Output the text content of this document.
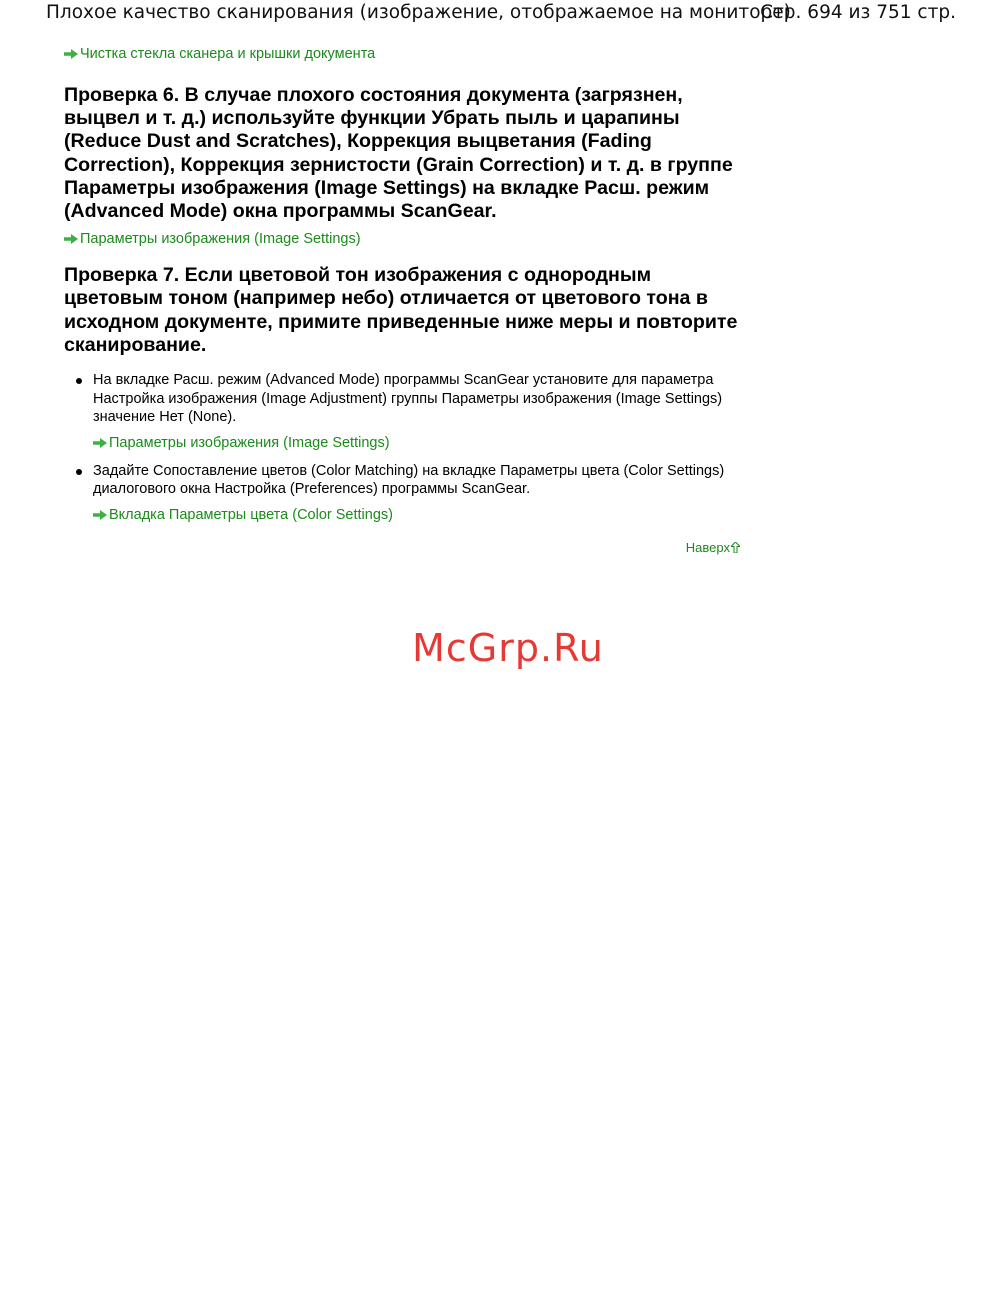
Плохое качество сканирования (изображение, отображаемое на мониторе)
Стр. 694 из 751 стр.
Чистка стекла сканера и крышки документа

Проверка 6. В случае плохого состояния документа (загрязнен, выцвел и т. д.) используйте функции Убрать пыль и царапины (Reduce Dust and Scratches), Коррекция выцветания (Fading Correction), Коррекция зернистости (Grain Correction) и т. д. в группе Параметры изображения (Image Settings) на вкладке Расш. режим (Advanced Mode) окна программы ScanGear.

Параметры изображения (Image Settings)

Проверка 7. Если цветовой тон изображения с однородным цветовым тоном (например небо) отличается от цветового тона в исходном документе, примите приведенные ниже меры и повторите сканирование.

На вкладке Расш. режим (Advanced Mode) программы ScanGear установите для параметра Настройка изображения (Image Adjustment) группы Параметры изображения (Image Settings) значение Нет (None).
Параметры изображения (Image Settings)
Задайте Сопоставление цветов (Color Matching) на вкладке Параметры цвета (Color Settings) диалогового окна Настройка (Preferences) программы ScanGear.
Вкладка Параметры цвета (Color Settings)
Наверх
McGrp.Ru
